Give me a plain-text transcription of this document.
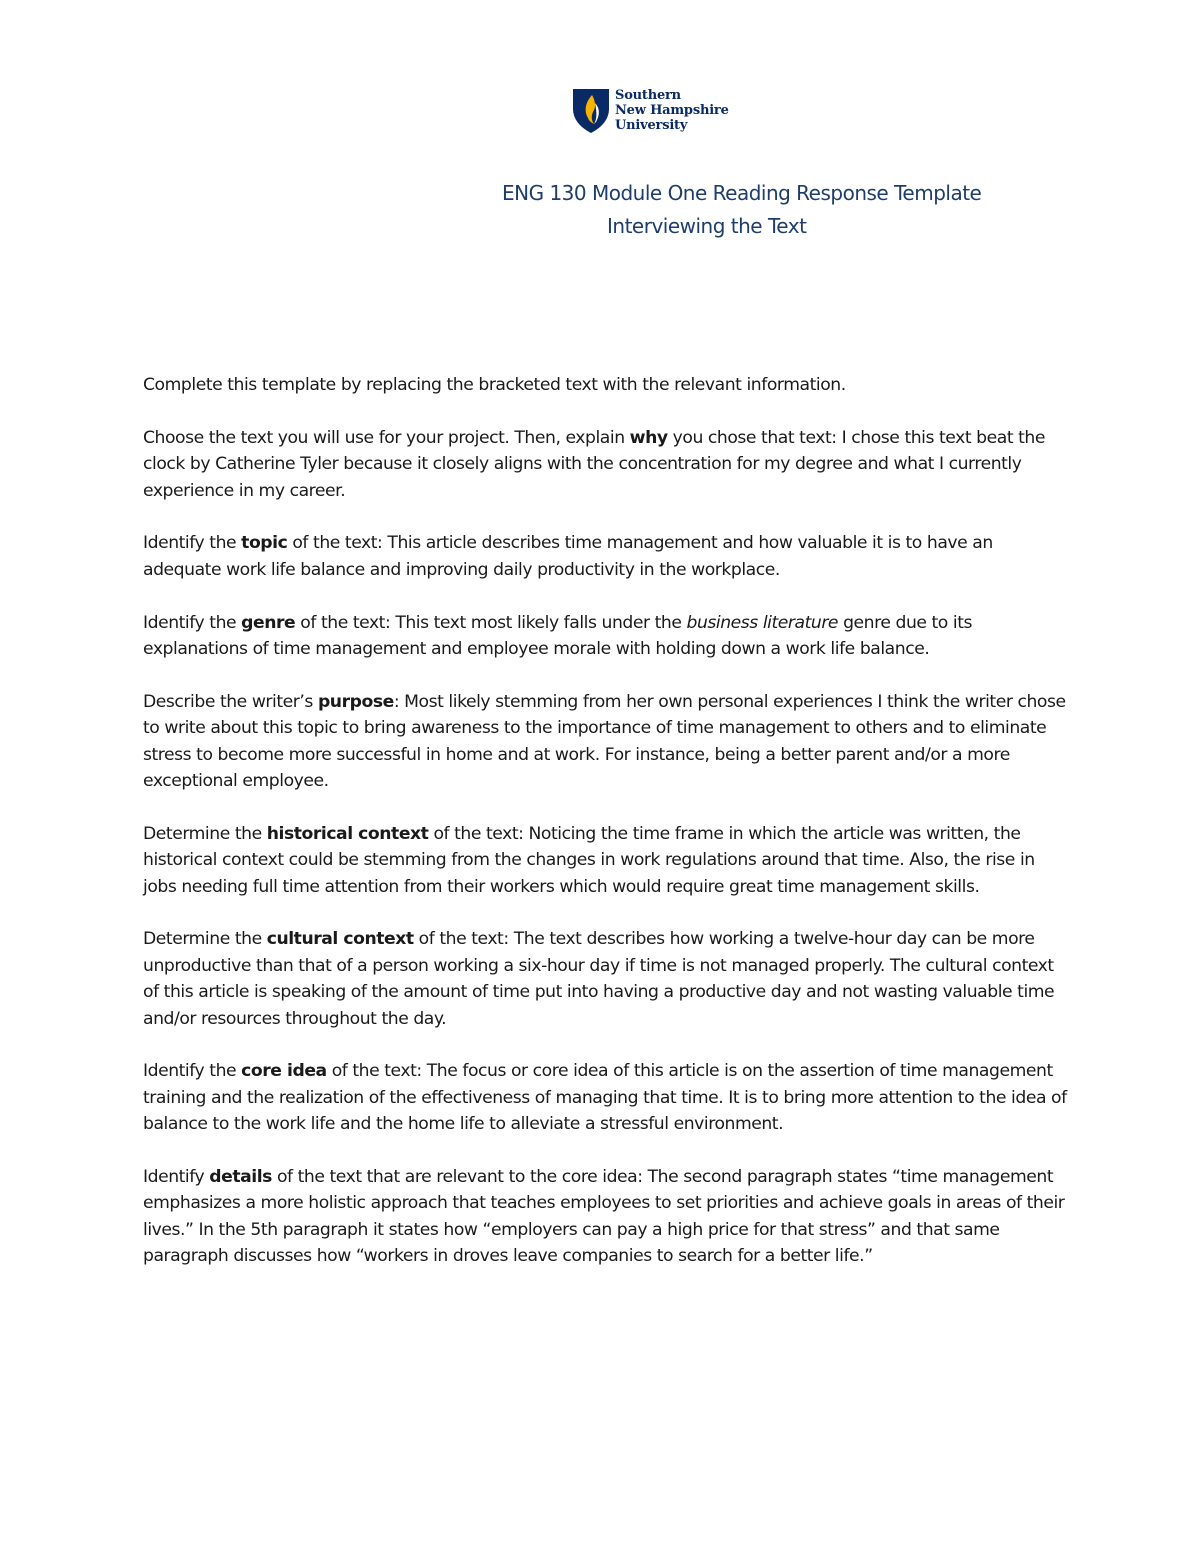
Southern
New Hampshire
University
ENG 130 Module One Reading Response Template
Interviewing the Text

Complete this template by replacing the bracketed text with the relevant information.

Choose the text you will use for your project. Then, explain why you chose that text: I chose this text beat the clock by Catherine Tyler because it closely aligns with the concentration for my degree and what I currently experience in my career.

Identify the topic of the text: This article describes time management and how valuable it is to have an adequate work life balance and improving daily productivity in the workplace.

Identify the genre of the text: This text most likely falls under the business literature genre due to its explanations of time management and employee morale with holding down a work life balance.

Describe the writer’s purpose: Most likely stemming from her own personal experiences I think the writer chose to write about this topic to bring awareness to the importance of time management to others and to eliminate stress to become more successful in home and at work. For instance, being a better parent and/or a more exceptional employee.

Determine the historical context of the text: Noticing the time frame in which the article was written, the historical context could be stemming from the changes in work regulations around that time. Also, the rise in jobs needing full time attention from their workers which would require great time management skills.

Determine the cultural context of the text: The text describes how working a twelve-hour day can be more unproductive than that of a person working a six-hour day if time is not managed properly. The cultural context of this article is speaking of the amount of time put into having a productive day and not wasting valuable time and/or resources throughout the day.

Identify the core idea of the text: The focus or core idea of this article is on the assertion of time management training and the realization of the effectiveness of managing that time. It is to bring more attention to the idea of balance to the work life and the home life to alleviate a stressful environment.

Identify details of the text that are relevant to the core idea: The second paragraph states “time management emphasizes a more holistic approach that teaches employees to set priorities and achieve goals in areas of their lives.” In the 5th paragraph it states how “employers can pay a high price for that stress” and that same paragraph discusses how “workers in droves leave companies to search for a better life.”
